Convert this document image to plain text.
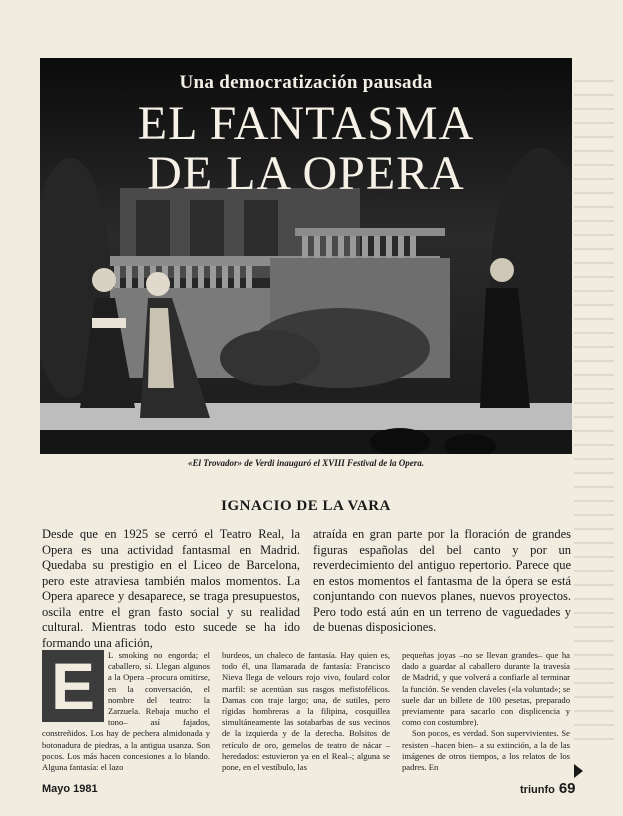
Una democratización pausada
EL FANTASMA
DE LA OPERA
«El Trovador» de Verdi inauguró el XVIII Festival de la Opera.
IGNACIO DE LA VARA
Desde que en 1925 se cerró el Teatro Real, la Opera es una actividad fantasmal en Madrid. Quedaba su prestigio en el Liceo de Barcelona, pero este atraviesa también malos momentos. La Opera aparece y desaparece, se traga presupuestos, oscila entre el gran fasto social y su realidad cultural. Mientras todo esto sucede se ha ido formando una afición,
atraída en gran parte por la floración de grandes figuras españolas del bel canto y por un reverdecimiento del antiguo repertorio. Parece que en estos momentos el fantasma de la ópera se está conjuntando con nuevos planes, nuevos proyectos. Pero todo está aún en un terreno de vaguedades y de buenas disposiciones.
E	L smoking no engorda; el caballero, sí. Llegan algunos a la Opera –procura omitirse, en la conversación, el nombre del teatro: la Zarzuela. Rebaja mucho el tono– así fajados, constreñidos. Los hay de pechera almidonada y botonadura de piedras, a la antigua usanza. Son pocos. Los más hacen concesiones a lo blando. Alguna fantasía: el lazo

burdeos, un chaleco de fantasía. Hay quien es, todo él, una llamarada de fantasía: Francisco Nieva llega de velours rojo vivo, foulard color marfil: se acentúan sus rasgos mefistofélicos. Damas con traje largo; una, de sutiles, pero rígidas hombreras a la filipina, cosquillea simultáneamente las sotabarbas de sus vecinos de la izquierda y de la derecha. Bolsitos de retículo de oro, gemelos de teatro de nácar –heredados: estuvieron ya en el Real–; alguna se pone, en el vestíbulo, las

pequeñas joyas –no se llevan grandes– que ha dado a guardar al caballero durante la travesía de Madrid, y que volverá a confiarle al terminar la función. Se venden claveles («la voluntad»; se suele dar un billete de 100 pesetas, preparado previamente para sacarlo con displicencia y como con costumbre).

Son pocos, es verdad. Son supervivientes. Se resisten –hacen bien– a su extinción, a la de las imágenes de otros tiempos, a los relatos de los padres. En

Mayo 1981	triunfo 69
